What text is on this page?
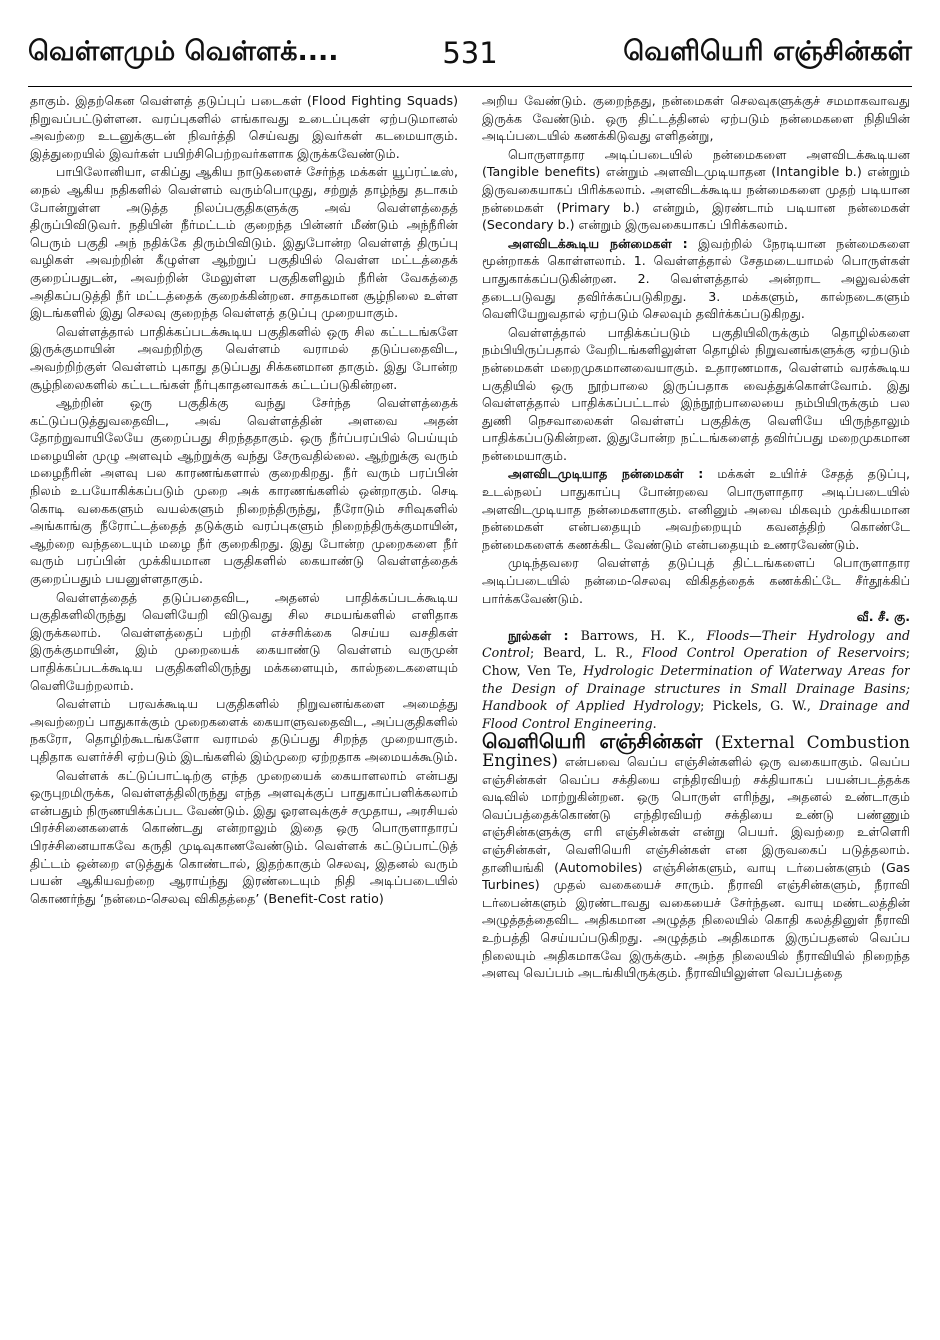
வெள்ளமும் வெள்ளக்....	531	வெளியெரி எஞ்சின்கள்

தாகும். இதற்கென வெள்ளத் தடுப்புப் படைகள் (Flood Fighting Squads) நிறுவப்பட்டுள்ளன. வரப்புகளில் எங்காவது உடைப்புகள் ஏற்படுமானல் அவற்றை உடனுக்குடன் நிவர்த்தி செய்வது இவர்கள் கடமையாகும். இத்துறையில் இவர்கள் பயிற்சிபெற்றவர்களாக இருக்கவேண்டும்.

பாபிலோனியா, எகிப்து ஆகிய நாடுகளைச் சேர்ந்த மக்கள் யூப்ரட்டீஸ், நைல் ஆகிய நதிகளில் வெள்ளம் வரும்பொழுது, சற்றுத் தாழ்ந்து தடாகம் போன்றுள்ள அடுத்த நிலப்பகுதிகளுக்கு அவ் வெள்ளத்தைத் திருப்பிவிடுவர். நதியின் நீர்மட்டம் குறைந்த பின்னர் மீண்டும் அந்நீரின் பெரும் பகுதி அந் நதிக்கே திரும்பிவிடும். இதுபோன்ற வெள்ளத் திருப்பு வழிகள் அவற்றின் கீழுள்ள ஆற்றுப் பகுதியில் வெள்ள மட்டத்தைக் குறைப்பதுடன், அவற்றின் மேலுள்ள பகுதிகளிலும் நீரின் வேகத்தை அதிகப்படுத்தி நீர் மட்டத்தைக் குறைக்கின்றன. சாதகமான சூழ்நிலை உள்ள இடங்களில் இது செலவு குறைந்த வெள்ளத் தடுப்பு முறையாகும்.

வெள்ளத்தால் பாதிக்கப்படக்கூடிய பகுதிகளில் ஒரு சில கட்டடங்களே இருக்குமாயின் அவற்றிற்கு வெள்ளம் வராமல் தடுப்பதைவிட, அவற்றிற்குள் வெள்ளம் புகாது தடுப்பது சிக்கனமான தாகும். இது போன்ற சூழ்நிலைகளில் கட்டடங்கள் நீர்புகாதனவாகக் கட்டப்படுகின்றன.

ஆற்றின் ஒரு பகுதிக்கு வந்து சேர்ந்த வெள்ளத்தைக் கட்டுப்படுத்துவதைவிட, அவ் வெள்ளத்தின் அளவை அதன் தோற்றுவாயிலேயே குறைப்பது சிறந்ததாகும். ஒரு நீர்ப்பரப்பில் பெய்யும் மழையின் முழு அளவும் ஆற்றுக்கு வந்து சேருவதில்லை. ஆற்றுக்கு வரும் மழைநீரின் அளவு பல காரணங்களால் குறைகிறது. நீர் வரும் பரப்பின் நிலம் உபயோகிக்கப்படும் முறை அக் காரணங்களில் ஒன்றாகும். செடி கொடி வகைகளும் வயல்களும் நிறைந்திருந்து, நீரோடும் சரிவுகளில் அங்காங்கு நீரோட்டத்தைத் தடுக்கும் வரப்புகளும் நிறைந்திருக்குமாயின், ஆற்றை வந்தடையும் மழை நீர் குறைகிறது. இது போன்ற முறைகளை நீர் வரும் பரப்பின் முக்கியமான பகுதிகளில் கையாண்டு வெள்ளத்தைக் குறைப்பதும் பயனுள்ளதாகும்.

வெள்ளத்தைத் தடுப்பதைவிட, அதனல் பாதிக்கப்படக்கூடிய பகுதிகளிலிருந்து வெளியேறி விடுவது சில சமயங்களில் எளிதாக இருக்கலாம். வெள்ளத்தைப் பற்றி எச்சரிக்கை செய்ய வசதிகள் இருக்குமாயின், இம் முறையைக் கையாண்டு வெள்ளம் வருமுன் பாதிக்கப்படக்கூடிய பகுதிகளிலிருந்து மக்களையும், கால்நடைகளையும் வெளியேற்றலாம்.

வெள்ளம் பரவக்கூடிய பகுதிகளில் நிறுவனங்களை அமைத்து அவற்றைப் பாதுகாக்கும் முறைகளைக் கையாளுவதைவிட, அப்பகுதிகளில் நகரோ, தொழிற்கூடங்களோ வராமல் தடுப்பது சிறந்த முறையாகும். புதிதாக வளர்ச்சி ஏற்படும் இடங்களில் இம்முறை ஏற்றதாக அமையக்கூடும்.

வெள்ளக் கட்டுப்பாட்டிற்கு எந்த முறையைக் கையாளலாம் என்பது ஒருபுறமிருக்க, வெள்ளத்திலிருந்து எந்த அளவுக்குப் பாதுகாப்பளிக்கலாம் என்பதும் நிருணயிக்கப்பட வேண்டும். இது ஓரளவுக்குச் சமுதாய, அரசியல் பிரச்சினைகளைக் கொண்டது என்றாலும் இதை ஒரு பொருளாதாரப் பிரச்சினையாகவே கருதி முடிவுகாணவேண்டும். வெள்ளக் கட்டுப்பாட்டுத் திட்டம் ஒன்றை எடுத்துக் கொண்டால், இதற்காகும் செலவு, இதனல் வரும் பயன் ஆகியவற்றை ஆராய்ந்து இரண்டையும் நிதி அடிப்படையில் கொணர்ந்து ‘நன்மை-செலவு விகிதத்தை’ (Benefit-Cost ratio)

அறிய வேண்டும். குறைந்தது, நன்மைகள் செலவுகளுக்குச் சமமாகவாவது இருக்க வேண்டும். ஒரு திட்டத்தினல் ஏற்படும் நன்மைகளை நிதியின் அடிப்படையில் கணக்கிடுவது எளிதன்று,

பொருளாதார அடிப்படையில் நன்மைகளை அளவிடக்கூடியன (Tangible benefits) என்றும் அளவிடமுடியாதன (Intangible b.) என்றும் இருவகையாகப் பிரிக்கலாம். அளவிடக்கூடிய நன்மைகளை முதற் படியான நன்மைகள் (Primary b.) என்றும், இரண்டாம் படியான நன்மைகள் (Secondary b.) என்றும் இருவகையாகப் பிரிக்கலாம்.

அளவிடக்கூடிய நன்மைகள் : இவற்றில் நேரடியான நன்மைகளை மூன்றாகக் கொள்ளலாம். 1. வெள்ளத்தால் சேதமடையாமல் பொருள்கள் பாதுகாக்கப்படுகின்றன. 2. வெள்ளத்தால் அன்றாட அலுவல்கள் தடைபடுவது தவிர்க்கப்படுகிறது. 3. மக்களும், கால்நடைகளும் வெளியேறுவதால் ஏற்படும் செலவும் தவிர்க்கப்படுகிறது.

வெள்ளத்தால் பாதிக்கப்படும் பகுதியிலிருக்கும் தொழில்களை நம்பியிருப்பதால் வேறிடங்களிலுள்ள தொழில் நிறுவனங்களுக்கு ஏற்படும் நன்மைகள் மறைமுகமானவையாகும். உதாரணமாக, வெள்ளம் வரக்கூடிய பகுதியில் ஒரு நூற்பாலை இருப்பதாக வைத்துக்கொள்வோம். இது வெள்ளத்தால் பாதிக்கப்பட்டால் இந்நூற்பாலையை நம்பியிருக்கும் பல துணி நெசவாலைகள் வெள்ளப் பகுதிக்கு வெளியே யிருந்தாலும் பாதிக்கப்படுகின்றன. இதுபோன்ற நட்டங்களைத் தவிர்ப்பது மறைமுகமான நன்மையாகும்.

அளவிடமுடியாத நன்மைகள் : மக்கள் உயிர்ச் சேதத் தடுப்பு, உடல்நலப் பாதுகாப்பு போன்றவை பொருளாதார அடிப்படையில் அளவிடமுடியாத நன்மைகளாகும். எனினும் அவை மிகவும் முக்கியமான நன்மைகள் என்பதையும் அவற்றையும் கவனத்திற் கொண்டே நன்மைகளைக் கணக்கிட வேண்டும் என்பதையும் உணரவேண்டும்.

முடிந்தவரை வெள்ளத் தடுப்புத் திட்டங்களைப் பொருளாதார அடிப்படையில் நன்மை-செலவு விகிதத்தைக் கணக்கிட்டே சீர்தூக்கிப் பார்க்கவேண்டும்.

வீ. சீ. கு.

நூல்கள் : Barrows, H. K., Floods—Their Hydrology and Control; Beard, L. R., Flood Control Operation of Reservoirs; Chow, Ven Te, Hydrologic Determination of Waterway Areas for the Design of Drainage structures in Small Drainage Basins; Handbook of Applied Hydrology; Pickels, G. W., Drainage and Flood Control Engineering.

வெளியெரி எஞ்சின்கள் (External Combustion Engines) என்பவை வெப்ப எஞ்சின்களில் ஒரு வகையாகும். வெப்ப எஞ்சின்கள் வெப்ப சக்தியை எந்திரவியற் சக்தியாகப் பயன்படத்தக்க வடிவில் மாற்றுகின்றன. ஒரு பொருள் எரிந்து, அதனல் உண்டாகும் வெப்பத்தைக்கொண்டு எந்திரவியற் சக்தியை உண்டு பண்ணும் எஞ்சின்களுக்கு எரி எஞ்சின்கள் என்று பெயர். இவற்றை உள்ளெரி எஞ்சின்கள், வெளியெரி எஞ்சின்கள் என இருவகைப் படுத்தலாம். தானியங்கி (Automobiles) எஞ்சின்களும், வாயு டர்பைன்களும் (Gas Turbines) முதல் வகையைச் சாரும். நீராவி எஞ்சின்களும், நீராவி டர்பைன்களும் இரண்டாவது வகையைச் சேர்ந்தன. வாயு மண்டலத்தின் அழுத்தத்தைவிட அதிகமான அழுத்த நிலையில் கொதி கலத்தினுள் நீராவி உற்பத்தி செய்யப்படுகிறது. அழுத்தம் அதிகமாக இருப்பதனல் வெப்ப நிலையும் அதிகமாகவே இருக்கும். அந்த நிலையில் நீராவியில் நிறைந்த அளவு வெப்பம் அடங்கியிருக்கும். நீராவியிலுள்ள வெப்பத்தை
